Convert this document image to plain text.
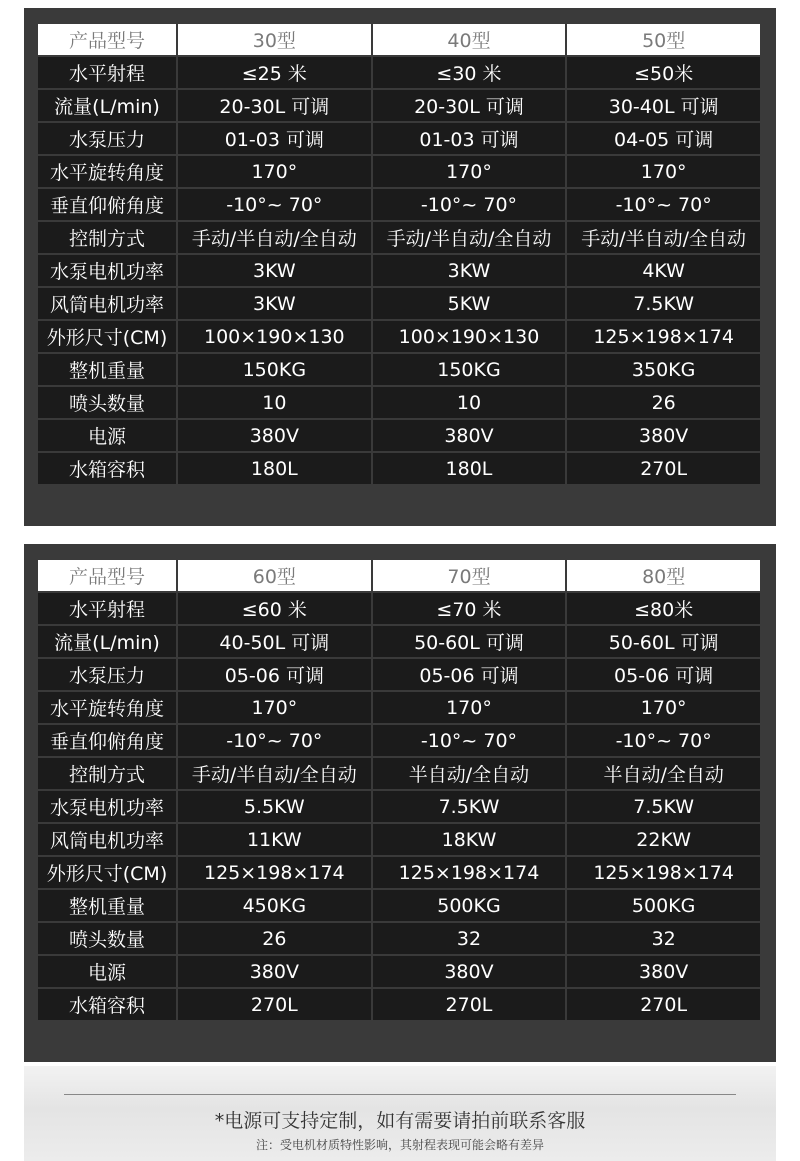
产品型号	30型	40型	50型
水平射程	≤25 米	≤30 米	≤50米
流量(L/min)	20-30L 可调	20-30L 可调	30-40L 可调
水泵压力	01-03 可调	01-03 可调	04-05 可调
水平旋转角度	170°	170°	170°
垂直仰俯角度	-10°~ 70°	-10°~ 70°	-10°~ 70°
控制方式	手动/半自动/全自动	手动/半自动/全自动	手动/半自动/全自动
水泵电机功率	3KW	3KW	4KW
风筒电机功率	3KW	5KW	7.5KW
外形尺寸(CM)	100×190×130	100×190×130	125×198×174
整机重量	150KG	150KG	350KG
喷头数量	10	10	26
电源	380V	380V	380V
水箱容积	180L	180L	270L
产品型号	60型	70型	80型
水平射程	≤60 米	≤70 米	≤80米
流量(L/min)	40-50L 可调	50-60L 可调	50-60L 可调
水泵压力	05-06 可调	05-06 可调	05-06 可调
水平旋转角度	170°	170°	170°
垂直仰俯角度	-10°~ 70°	-10°~ 70°	-10°~ 70°
控制方式	手动/半自动/全自动	半自动/全自动	半自动/全自动
水泵电机功率	5.5KW	7.5KW	7.5KW
风筒电机功率	11KW	18KW	22KW
外形尺寸(CM)	125×198×174	125×198×174	125×198×174
整机重量	450KG	500KG	500KG
喷头数量	26	32	32
电源	380V	380V	380V
水箱容积	270L	270L	270L
*电源可支持定制，如有需要请拍前联系客服
注：受电机材质特性影响，其射程表现可能会略有差异
